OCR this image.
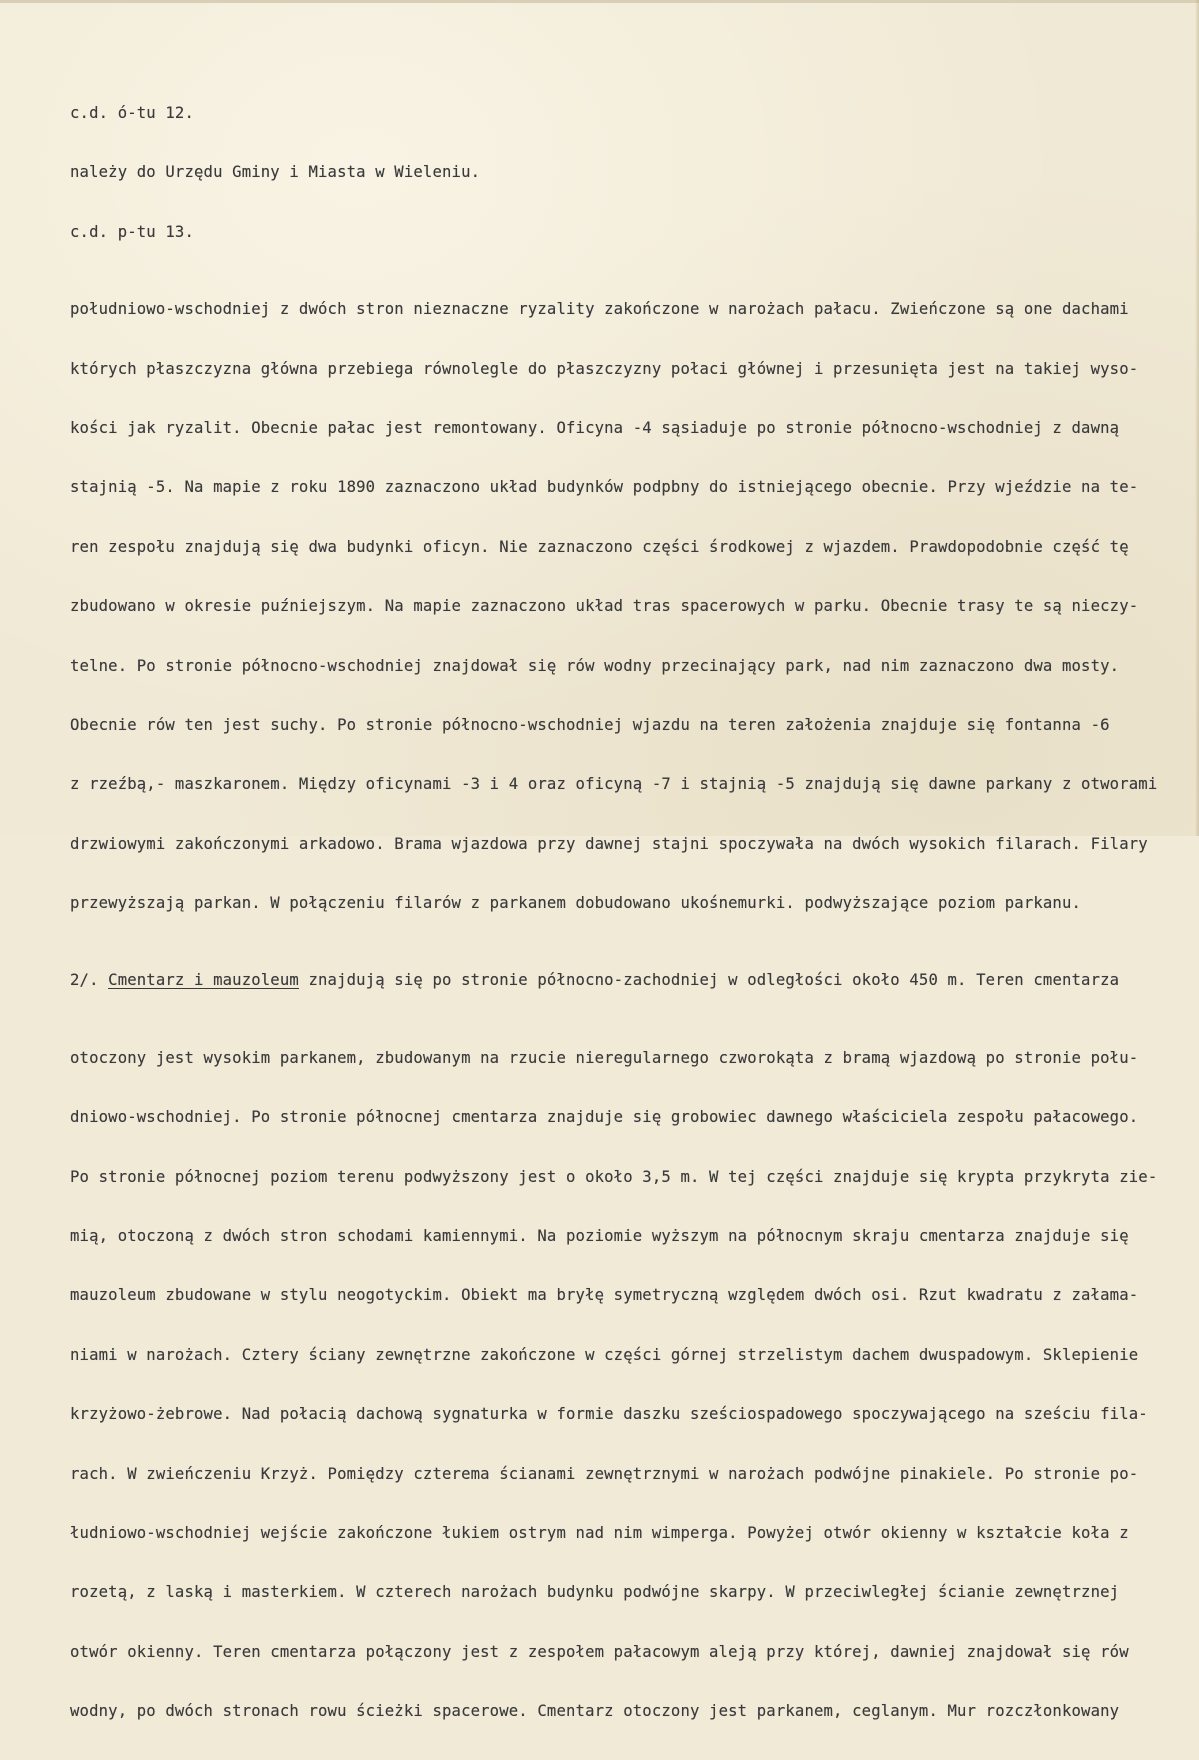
c.d. ó-tu 12.

należy do Urzędu Gminy i Miasta w Wieleniu.

c.d. p-tu 13.

południowo-wschodniej z dwóch stron nieznaczne ryzality zakończone w narożach pałacu. Zwieńczone są one dachami

których płaszczyzna główna przebiega równolegle do płaszczyzny połaci głównej i przesunięta jest na takiej wyso-

kości jak ryzalit. Obecnie pałac jest remontowany. Oficyna -4 sąsiaduje po stronie północno-wschodniej z dawną

stajnią -5. Na mapie z roku 1890 zaznaczono układ budynków podpbny do istniejącego obecnie. Przy wjeździe na te-

ren zespołu znajdują się dwa budynki oficyn. Nie zaznaczono części środkowej z wjazdem. Prawdopodobnie część tę

zbudowano w okresie puźniejszym. Na mapie zaznaczono układ tras spacerowych w parku. Obecnie trasy te są nieczy-

telne. Po stronie północno-wschodniej znajdował się rów wodny przecinający park, nad nim zaznaczono dwa mosty.

Obecnie rów ten jest suchy. Po stronie północno-wschodniej wjazdu na teren założenia znajduje się fontanna -6

z rzeźbą,- maszkaronem. Między oficynami -3 i 4 oraz oficyną -7 i stajnią -5 znajdują się dawne parkany z otworami

drzwiowymi zakończonymi arkadowo. Brama wjazdowa przy dawnej stajni spoczywała na dwóch wysokich filarach. Filary

przewyższają parkan. W połączeniu filarów z parkanem dobudowano ukośnemurki. podwyższające poziom parkanu.

2/. Cmentarz i mauzoleum znajdują się po stronie północno-zachodniej w odległości około 450 m. Teren cmentarza

otoczony jest wysokim parkanem, zbudowanym na rzucie nieregularnego czworokąta z bramą wjazdową po stronie połu-

dniowo-wschodniej. Po stronie północnej cmentarza znajduje się grobowiec dawnego właściciela zespołu pałacowego.

Po stronie północnej poziom terenu podwyższony jest o około 3,5 m. W tej części znajduje się krypta przykryta zie-

mią, otoczoną z dwóch stron schodami kamiennymi. Na poziomie wyższym na północnym skraju cmentarza znajduje się

mauzoleum zbudowane w stylu neogotyckim. Obiekt ma bryłę symetryczną względem dwóch osi. Rzut kwadratu z załama-

niami w narożach. Cztery ściany zewnętrzne zakończone w części górnej strzelistym dachem dwuspadowym. Sklepienie

krzyżowo-żebrowe. Nad połacią dachową sygnaturka w formie daszku sześciospadowego spoczywającego na sześciu fila-

rach. W zwieńczeniu Krzyż. Pomiędzy czterema ścianami zewnętrznymi w narożach podwójne pinakiele. Po stronie po-

łudniowo-wschodniej wejście zakończone łukiem ostrym nad nim wimperga. Powyżej otwór okienny w kształcie koła z

rozetą, z laską i masterkiem. W czterech narożach budynku podwójne skarpy. W przeciwległej ścianie zewnętrznej

otwór okienny. Teren cmentarza połączony jest z zespołem pałacowym aleją przy której, dawniej znajdował się rów

wodny, po dwóch stronach rowu ścieżki spacerowe. Cmentarz otoczony jest parkanem, ceglanym. Mur rozczłonkowany
